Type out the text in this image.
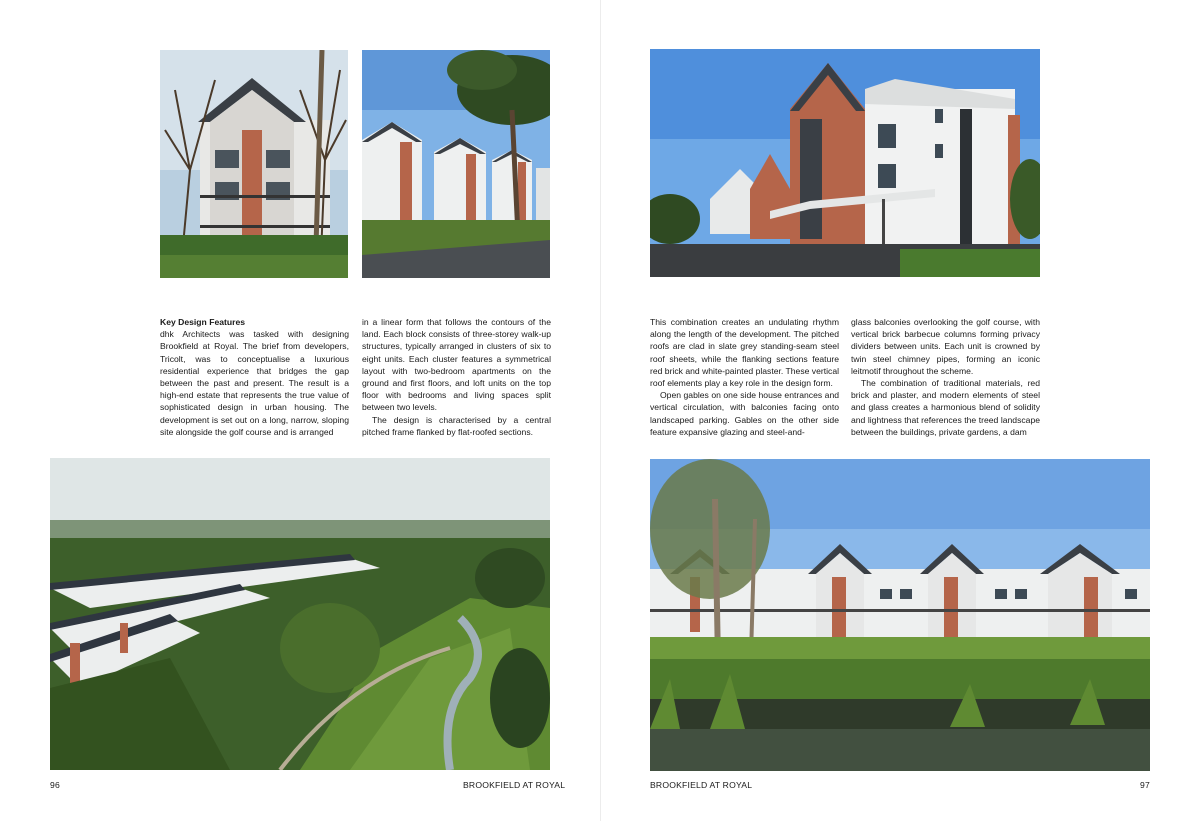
Key Design Features

dhk Architects was tasked with designing Brookfield at Royal. The brief from developers, Tricolt, was to conceptualise a luxurious residential experience that bridges the gap between the past and present. The result is a high-end estate that represents the true value of sophisticated design in urban housing. The development is set out on a long, narrow, sloping site alongside the golf course and is arranged

in a linear form that follows the contours of the land. Each block consists of three-storey walk-up structures, typically arranged in clusters of six to eight units. Each cluster features a symmetrical layout with two-bedroom apartments on the ground and first floors, and loft units on the top floor with bedrooms and living spaces split between two levels.

The design is characterised by a central pitched frame flanked by flat-roofed sections.

This combination creates an undulating rhythm along the length of the development. The pitched roofs are clad in slate grey standing-seam steel roof sheets, while the flanking sections feature red brick and white-painted plaster. These vertical roof elements play a key role in the design form.

Open gables on one side house entrances and vertical circulation, with balconies facing onto landscaped parking. Gables on the other side feature expansive glazing and steel-and-

glass balconies overlooking the golf course, with vertical brick barbecue columns forming privacy dividers between units. Each unit is crowned by twin steel chimney pipes, forming an iconic leitmotif throughout the scheme.

The combination of traditional materials, red brick and plaster, and modern elements of steel and glass creates a harmonious blend of solidity and lightness that references the treed landscape between the buildings, private gardens, a dam

96	BROOKFIELD AT ROYAL	BROOKFIELD AT ROYAL	97
